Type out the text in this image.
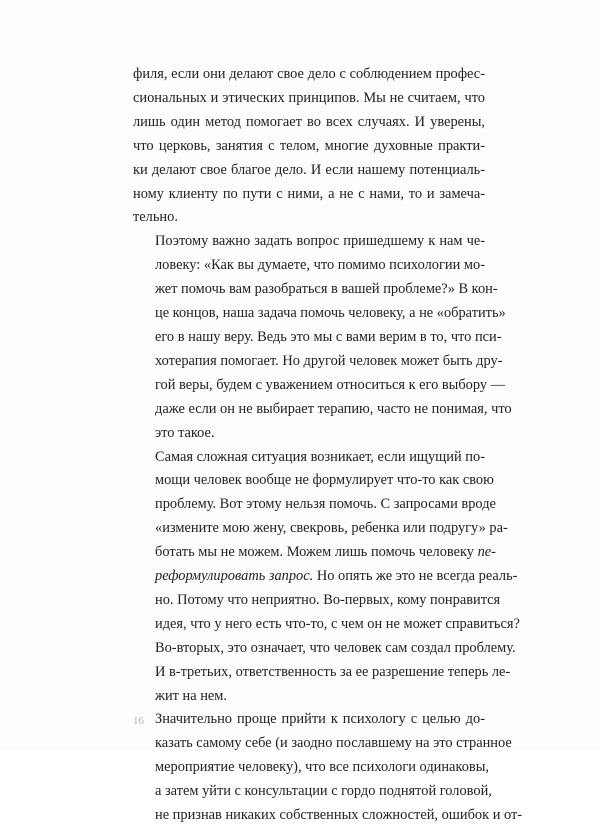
филя, если они делают свое дело с соблюдением профес-
сиональных и этических принципов. Мы не считаем, что
лишь один метод помогает во всех случаях. И уверены,
что церковь, занятия с телом, многие духовные практи-
ки делают свое благое дело. И если нашему потенциаль-
ному клиенту по пути с ними, а не с нами, то и замеча-
тельно.

Поэтому важно задать вопрос пришедшему к нам че-
ловеку: «Как вы думаете, что помимо психологии мо-
жет помочь вам разобраться в вашей проблеме?» В кон-
це концов, наша задача помочь человеку, а не «обратить»
его в нашу веру. Ведь это мы с вами верим в то, что пси-
хотерапия помогает. Но другой человек может быть дру-
гой веры, будем с уважением относиться к его выбору —
даже если он не выбирает терапию, часто не понимая, что
это такое.

Самая сложная ситуация возникает, если ищущий по-
мощи человек вообще не формулирует что-то как свою
проблему. Вот этому нельзя помочь. С запросами вроде
«измените мою жену, свекровь, ребенка или подругу» ра-
ботать мы не можем. Можем лишь помочь человеку пе-
реформулировать запрос. Но опять же это не всегда реаль-
но. Потому что неприятно. Во-первых, кому понравится
идея, что у него есть что-то, с чем он не может справиться?
Во-вторых, это означает, что человек сам создал проблему.
И в-третьих, ответственность за ее разрешение теперь ле-
жит на нем.

Значительно проще прийти к психологу с целью до-
казать самому себе (и заодно пославшему на это странное
мероприятие человеку), что все психологи одинаковы,
а затем уйти с консультации с гордо поднятой головой,
не признав никаких собственных сложностей, ошибок и от-

16
